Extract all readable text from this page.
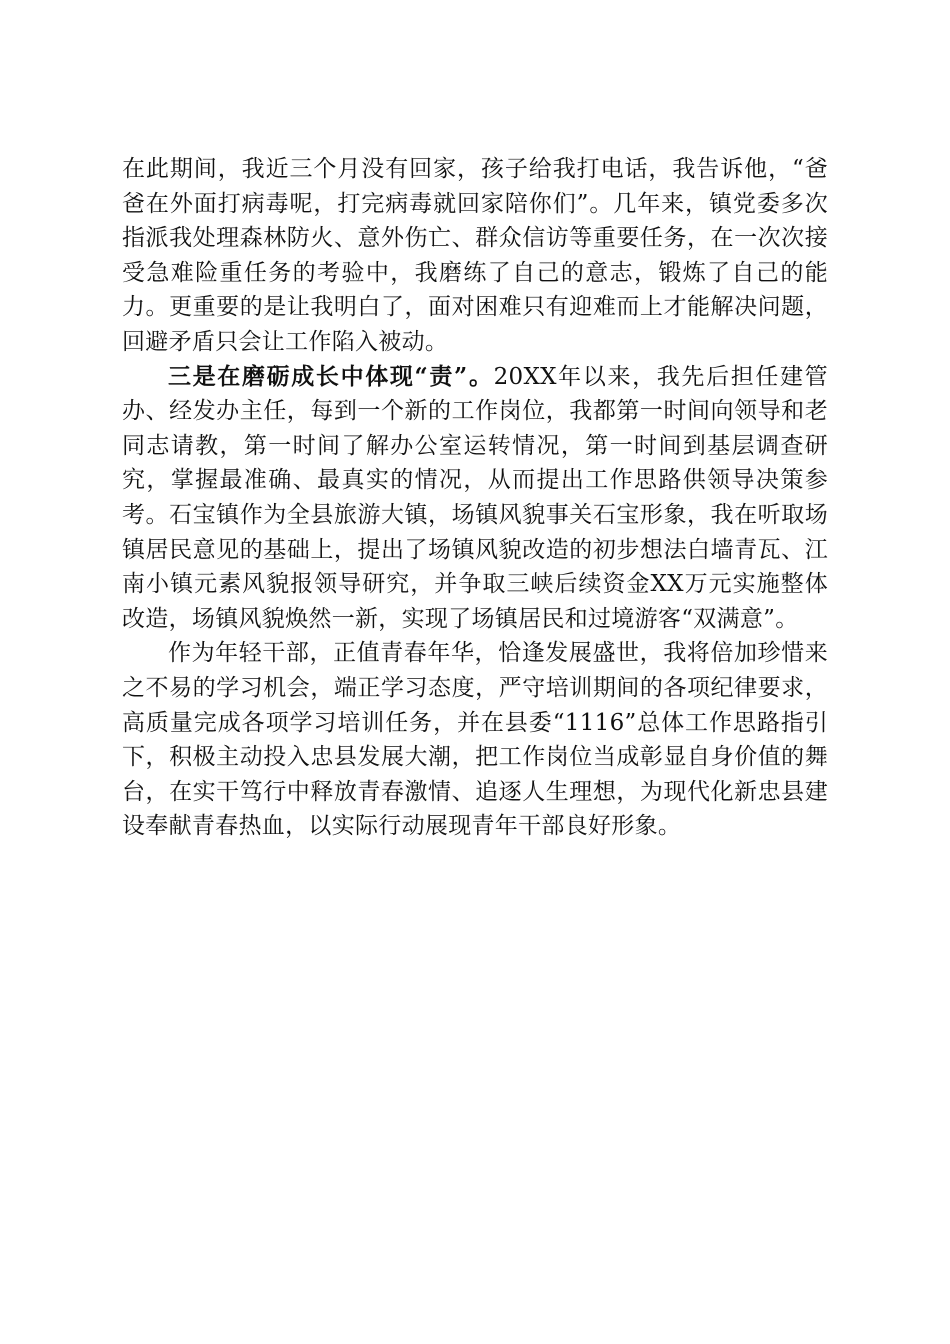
在此期间，我近三个月没有回家，孩子给我打电话，我告诉他，“爸爸在外面打病毒呢，打完病毒就回家陪你们”。几年来，镇党委多次指派我处理森林防火、意外伤亡、群众信访等重要任务，在一次次接受急难险重任务的考验中，我磨练了自己的意志，锻炼了自己的能力。更重要的是让我明白了，面对困难只有迎难而上才能解决问题，回避矛盾只会让工作陷入被动。

三是在磨砺成长中体现“责”。20XX年以来，我先后担任建管办、经发办主任，每到一个新的工作岗位，我都第一时间向领导和老同志请教，第一时间了解办公室运转情况，第一时间到基层调查研究，掌握最准确、最真实的情况，从而提出工作思路供领导决策参考。石宝镇作为全县旅游大镇，场镇风貌事关石宝形象，我在听取场镇居民意见的基础上，提出了场镇风貌改造的初步想法白墙青瓦、江南小镇元素风貌报领导研究，并争取三峡后续资金XX万元实施整体改造，场镇风貌焕然一新，实现了场镇居民和过境游客“双满意”。

作为年轻干部，正值青春年华，恰逢发展盛世，我将倍加珍惜来之不易的学习机会，端正学习态度，严守培训期间的各项纪律要求，高质量完成各项学习培训任务，并在县委“1116”总体工作思路指引下，积极主动投入忠县发展大潮，把工作岗位当成彰显自身价值的舞台，在实干笃行中释放青春激情、追逐人生理想，为现代化新忠县建设奉献青春热血，以实际行动展现青年干部良好形象。
